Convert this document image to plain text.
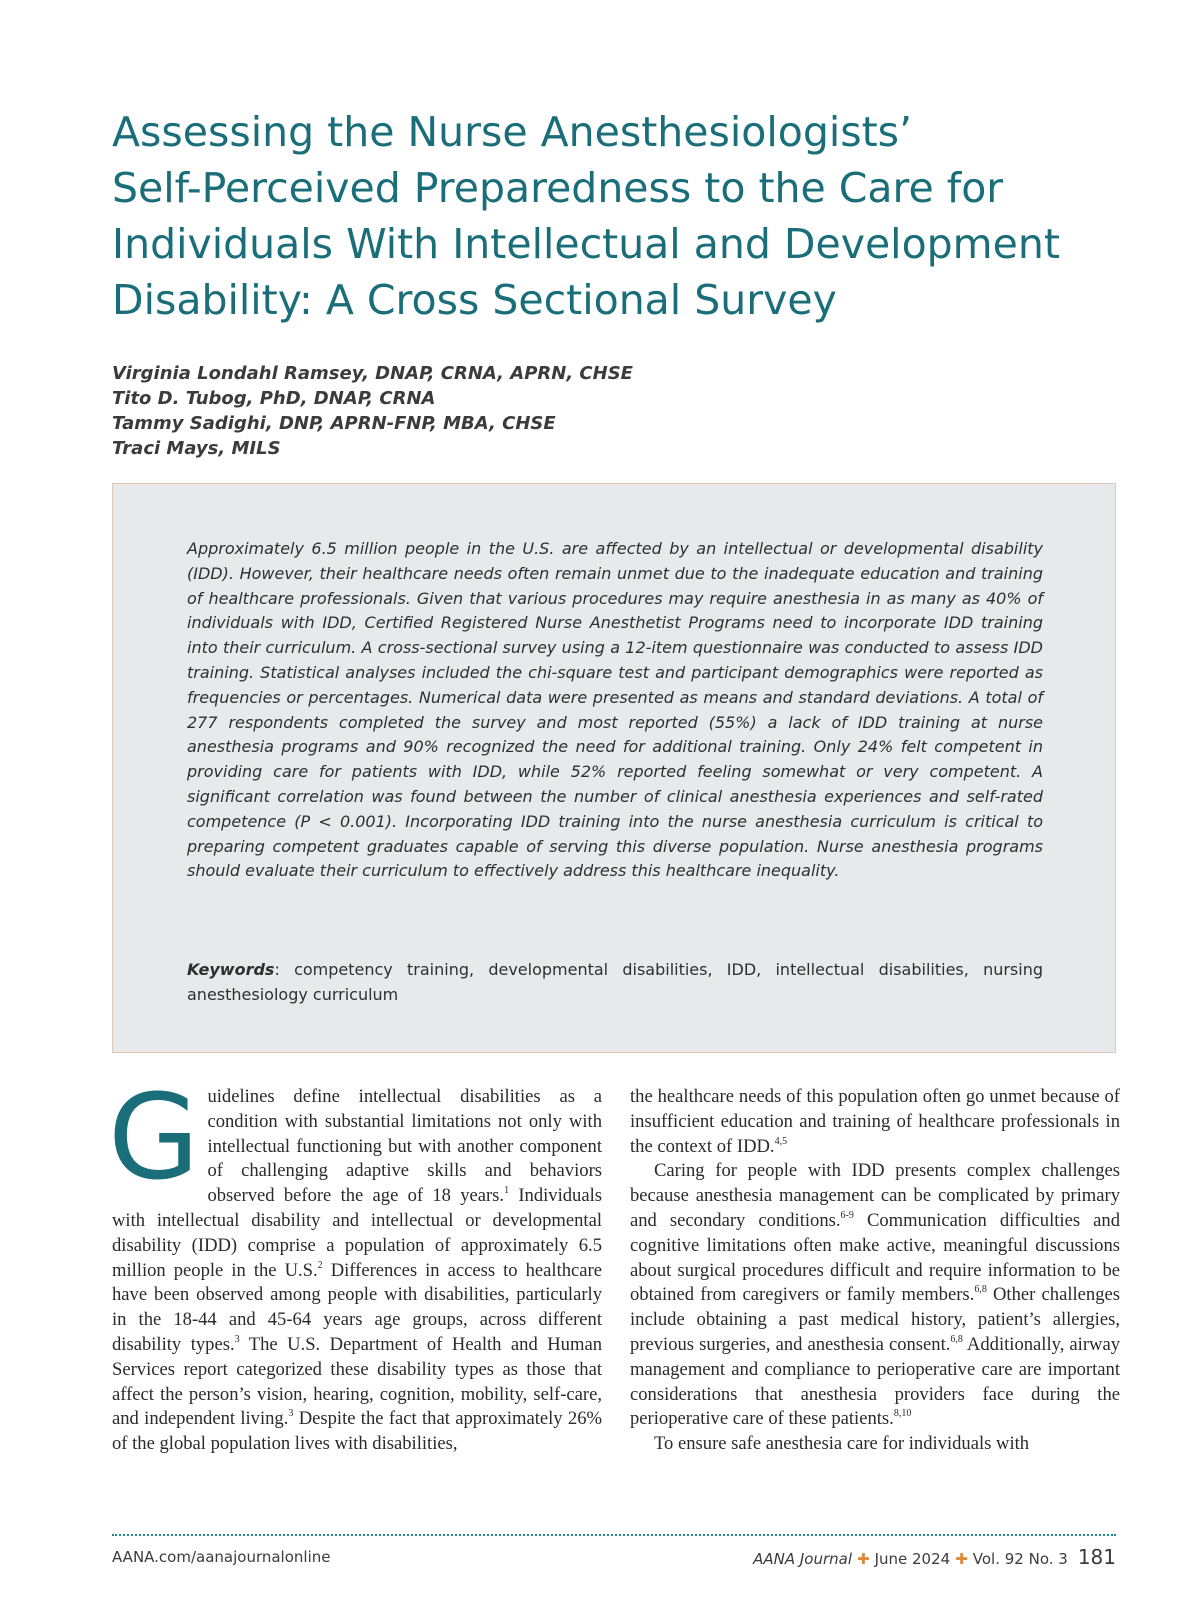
Assessing the Nurse Anesthesiologists’
Self-Perceived Preparedness to the Care for
Individuals With Intellectual and Development
Disability: A Cross Sectional Survey
Virginia Londahl Ramsey, DNAP, CRNA, APRN, CHSE
Tito D. Tubog, PhD, DNAP, CRNA
Tammy Sadighi, DNP, APRN-FNP, MBA, CHSE
Traci Mays, MILS

Approximately 6.5 million people in the U.S. are affected by an intellectual or developmental disability (IDD). However, their healthcare needs often remain unmet due to the inadequate education and training of healthcare professionals. Given that various procedures may require anesthesia in as many as 40% of individuals with IDD, Certified Registered Nurse Anesthetist Programs need to incorporate IDD training into their curriculum. A cross-sectional survey using a 12-item questionnaire was conducted to assess IDD training. Statistical analyses included the chi-square test and participant demographics were reported as frequencies or percentages. Numerical data were presented as means and standard deviations. A total of 277 respondents completed the survey and most reported (55%) a lack of IDD training at nurse anesthesia programs and 90% recognized the need for additional training. Only 24% felt competent in providing care for patients with IDD, while 52% reported feeling somewhat or very competent. A significant correlation was found between the number of clinical anesthesia experiences and self-rated competence (P < 0.001). Incorporating IDD training into the nurse anesthesia curriculum is critical to preparing competent graduates capable of serving this diverse population. Nurse anesthesia programs should evaluate their curriculum to effectively address this healthcare inequality.

Keywords: competency training, developmental disabilities, IDD, intellectual disabilities, nursing anesthesiology curriculum

Guidelines define intellectual disabilities as a condition with substantial limitations not only with intellectual functioning but with another component of challenging adaptive skills and behaviors observed before the age of 18 years.$^1$ Individuals with intellectual disability and intellectual or developmental disability (IDD) comprise a population of approximately 6.5 million people in the U.S.$^2$ Differences in access to healthcare have been observed among people with disabilities, particularly in the 18-44 and 45-64 years age groups, across different disability types.$^3$ The U.S. Department of Health and Human Services report categorized these disability types as those that affect the person’s vision, hearing, cognition, mobility, self-care, and independent living.$^3$ Despite the fact that approximately 26% of the global population lives with disabilities,

the healthcare needs of this population often go unmet because of insufficient education and training of healthcare professionals in the context of IDD.$^{4,5}$

Caring for people with IDD presents complex challenges because anesthesia management can be complicated by primary and secondary conditions.$^{6-9}$ Communication difficulties and cognitive limitations often make active, meaningful discussions about surgical procedures difficult and require information to be obtained from caregivers or family members.$^{6,8}$ Other challenges include obtaining a past medical history, patient’s allergies, previous surgeries, and anesthesia consent.$^{6,8}$ Additionally, airway management and compliance to perioperative care are important considerations that anesthesia providers face during the perioperative care of these patients.$^{8,10}$

To ensure safe anesthesia care for individuals with

AANA.com/aanajournalonline	AANA Journal ✚ June 2024 ✚ Vol. 92 No. 3 181
